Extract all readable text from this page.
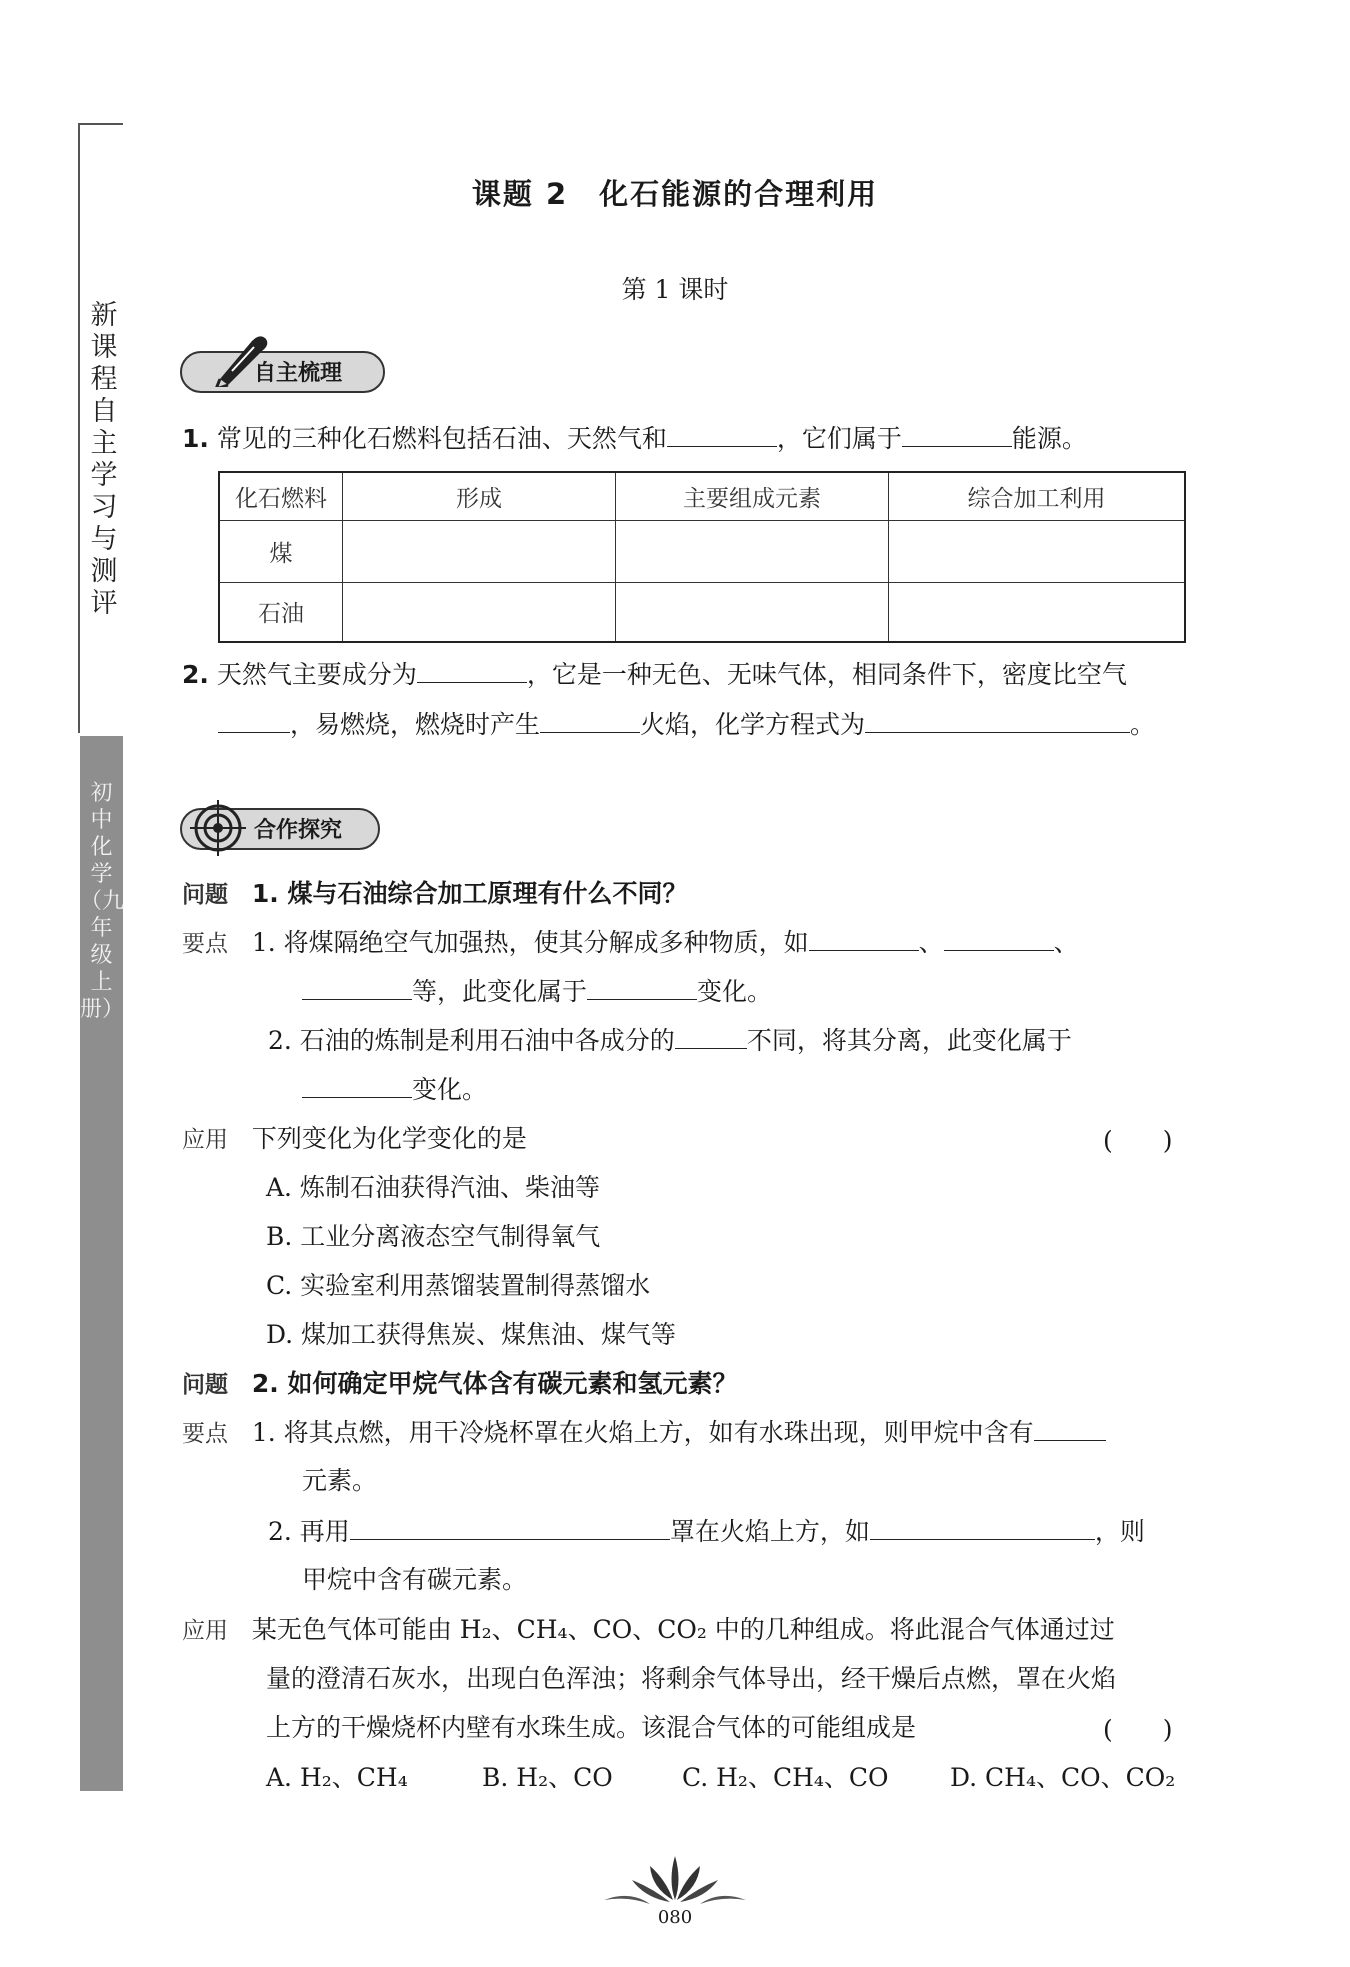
新课程自主学习与测评
初中化学（九年级上册）
课题 2　化石能源的合理利用
第 1 课时
自主梳理
1. 常见的三种化石燃料包括石油、天然气和	，它们属于	能源。
化石燃料	形成	主要组成元素	综合加工利用
煤			
石油			
2. 天然气主要成分为	，它是一种无色、无味气体，相同条件下，密度比空气
，易燃烧，燃烧时产生	火焰，化学方程式为	。
合作探究
问题 1. 煤与石油综合加工原理有什么不同？
要点 1. 将煤隔绝空气加强热，使其分解成多种物质，如	、	、
等，此变化属于	变化。
2. 石油的炼制是利用石油中各成分的	不同，将其分离，此变化属于
变化。
应用 下列变化为化学变化的是	(　　)
A. 炼制石油获得汽油、柴油等
B. 工业分离液态空气制得氧气
C. 实验室利用蒸馏装置制得蒸馏水
D. 煤加工获得焦炭、煤焦油、煤气等
问题 2. 如何确定甲烷气体含有碳元素和氢元素？
要点 1. 将其点燃，用干冷烧杯罩在火焰上方，如有水珠出现，则甲烷中含有
元素。
2. 再用	罩在火焰上方，如	，则
甲烷中含有碳元素。
应用 某无色气体可能由 H₂、CH₄、CO、CO₂ 中的几种组成。将此混合气体通过过
量的澄清石灰水，出现白色浑浊；将剩余气体导出，经干燥后点燃，罩在火焰
上方的干燥烧杯内壁有水珠生成。该混合气体的可能组成是	(　　)
A. H₂、CH₄	B. H₂、CO	C. H₂、CH₄、CO D. CH₄、CO、CO₂
080
